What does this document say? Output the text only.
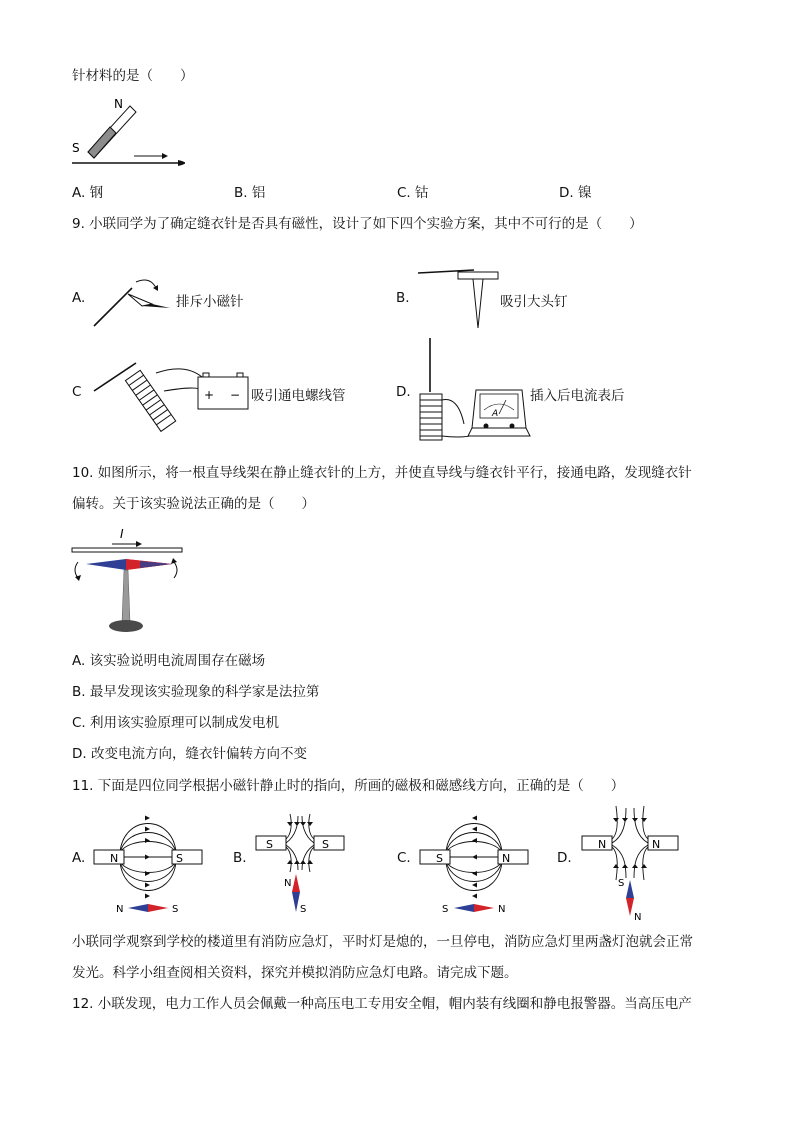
针材料的是（　　）
N
S
A. 钢	B. 铝	C. 钴	D. 镍
9. 小联同学为了确定缝衣针是否具有磁性，设计了如下四个实验方案，其中不可行的是（　　）
A.	排斥小磁针	B.	吸引大头钉
C	+ − 吸引通电螺线管	D.
A
插入后电流表后
10. 如图所示，将一根直导线架在静止缝衣针的上方，并使直导线与缝衣针平行，接通电路，发现缝衣针
偏转。关于该实验说法正确的是（　　）
I
A. 该实验说明电流周围存在磁场
B. 最早发现该实验现象的科学家是法拉第
C. 利用该实验原理可以制成发电机
D. 改变电流方向，缝衣针偏转方向不变
11. 下面是四位同学根据小磁针静止时的指向，所画的磁极和磁感线方向，正确的是（　　）
A. N	S
N	S
B.
S	S
N
S
C. S	N
S	N
D.
N	N
S
N
小联同学观察到学校的楼道里有消防应急灯，平时灯是熄的，一旦停电，消防应急灯里两盏灯泡就会正常
发光。科学小组查阅相关资料，探究并模拟消防应急灯电路。请完成下题。
12. 小联发现，电力工作人员会佩戴一种高压电工专用安全帽，帽内装有线圈和静电报警器。当高压电产
